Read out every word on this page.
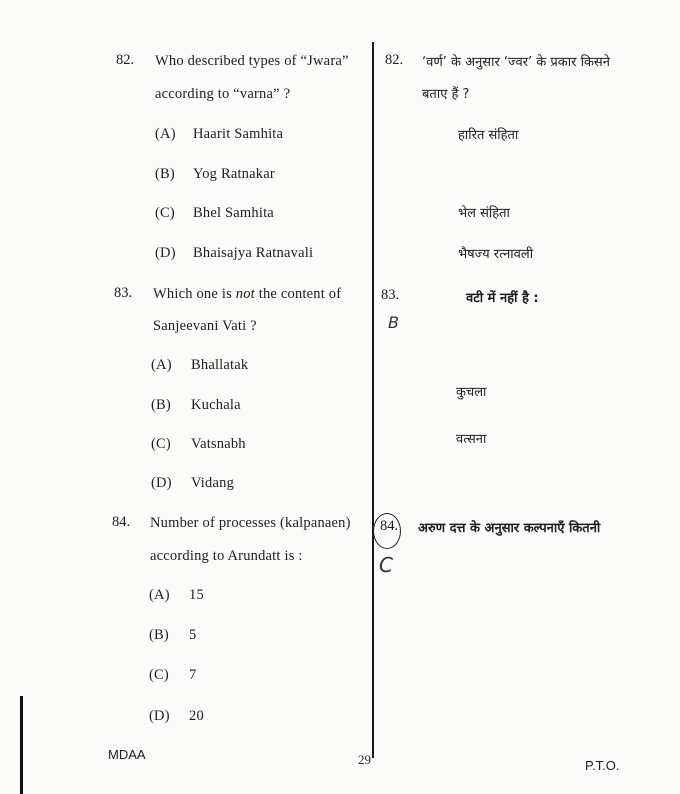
82. Who described types of “Jwara”
according to “varna” ?
(A) Haarit Samhita
(B) Yog Ratnakar
(C) Bhel Samhita
(D) Bhaisajya Ratnavali
83. Which one is not the content of
Sanjeevani Vati ?
(A) Bhallatak
(B) Kuchala
(C) Vatsnabh
(D) Vidang
84. Number of processes (kalpanaen)
according to Arundatt is :
(A) 15
(B) 5
(C) 7
(D) 20
82. ‘वर्ण’ के अनुसार ‘ज्वर’ के प्रकार किसने
बताए हैं ?
हारित संहिता
भेल संहिता
भैषज्य रत्नावली
83.	वटी में नहीं है :
कुचला
वत्सना
84. अरुण दत्त के अनुसार कल्पनाएँ कितनी
B
C
MDAA	29	P.T.O.
